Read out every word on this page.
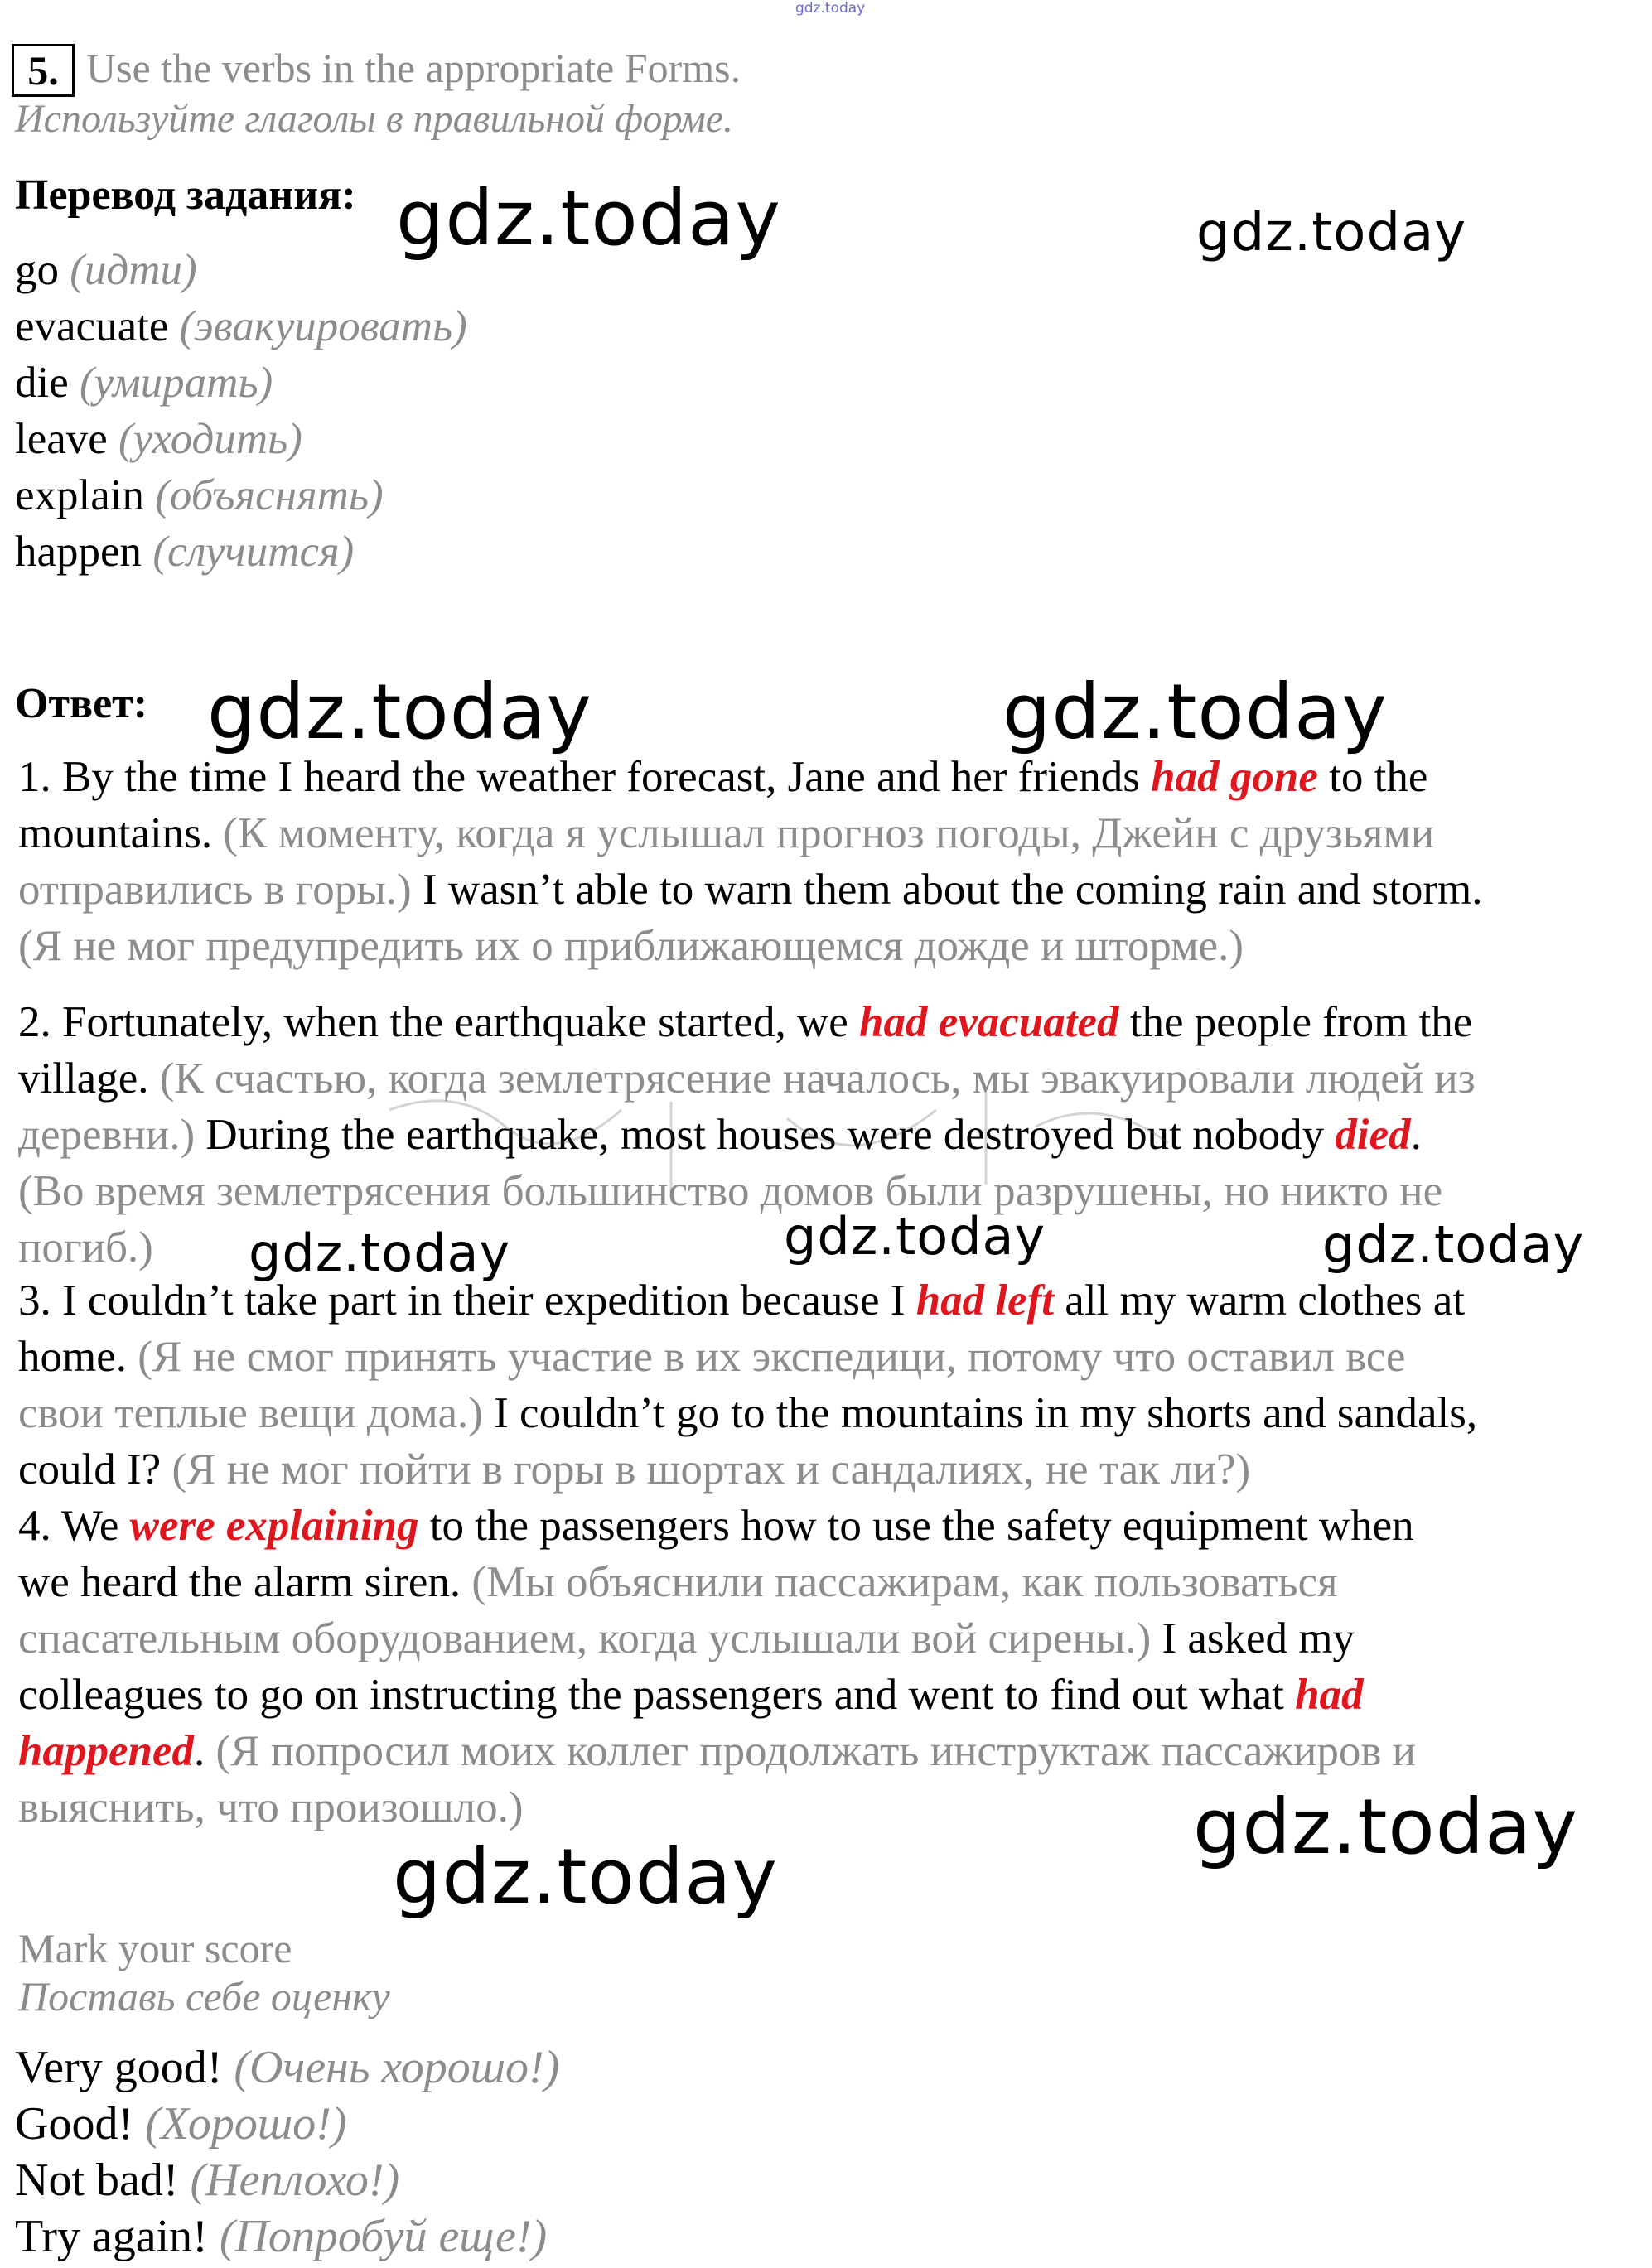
gdz.today
5. Use the verbs in the appropriate Forms.
Используйте глаголы в правильной форме.
Перевод задания:
go (идти)
evacuate (эвакуировать)
die (умирать)
leave (уходить)
explain (объяснять)
happen (случится)
Ответ:
1. By the time I heard the weather forecast, Jane and her friends had gone to the
mountains. (К моменту, когда я услышал прогноз погоды, Джейн с друзьями
отправились в горы.) I wasn’t able to warn them about the coming rain and storm.
(Я не мог предупредить их о приближающемся дожде и шторме.)
2. Fortunately, when the earthquake started, we had evacuated the people from the
village. (К счастью, когда землетрясение началось, мы эвакуировали людей из
деревни.) During the earthquake, most houses were destroyed but nobody died.
(Во время землетрясения большинство домов были разрушены, но никто не
погиб.)
3. I couldn’t take part in their expedition because I had left all my warm clothes at
home. (Я не смог принять участие в их экспедици, потому что оставил все
свои теплые вещи дома.) I couldn’t go to the mountains in my shorts and sandals,
could I? (Я не мог пойти в горы в шортах и сандалиях, не так ли?)
4. We were explaining to the passengers how to use the safety equipment when
we heard the alarm siren. (Мы объяснили пассажирам, как пользоваться
спасательным оборудованием, когда услышали вой сирены.) I asked my
colleagues to go on instructing the passengers and went to find out what had
happened. (Я попросил моих коллег продолжать инструктаж пассажиров и
выяснить, что произошло.)
Mark your score
Поставь себе оценку
Very good! (Очень хорошо!)
Good! (Хорошо!)
Not bad! (Неплохо!)
Try again! (Попробуй еще!)
gdz.today	gdz.today
gdz.today	gdz.today
gdz.today	gdz.today	gdz.today
gdz.today
gdz.today
